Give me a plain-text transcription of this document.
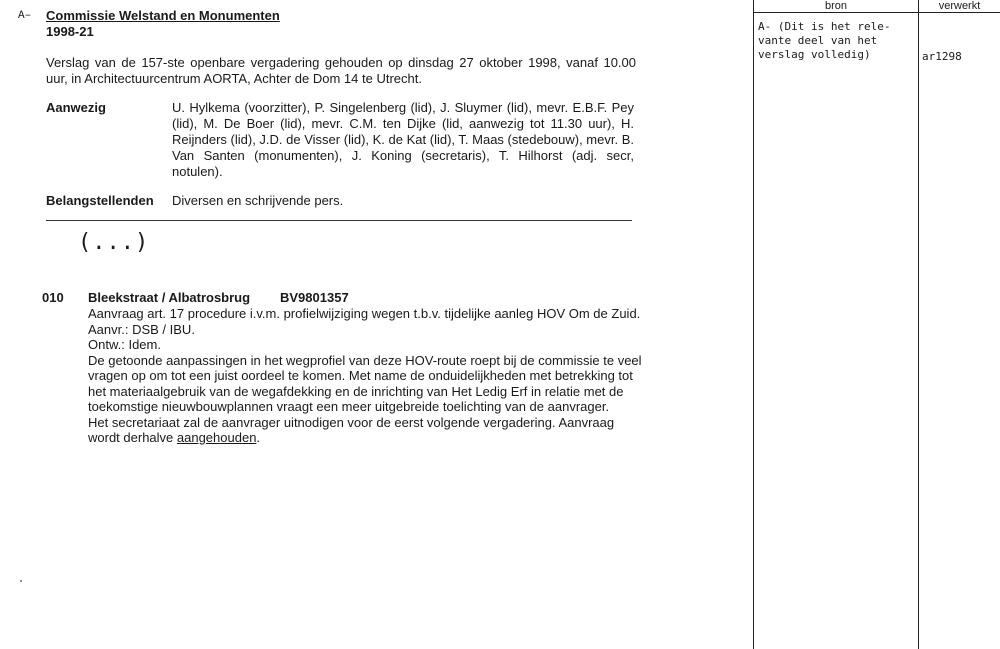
A– Commissie Welstand en Monumenten
1998-21
Verslag van de 157-ste openbare vergadering gehouden op dinsdag 27 oktober 1998, vanaf 10.00 uur, in Architectuurcentrum AORTA, Achter de Dom 14 te Utrecht.
Aanwezig	U. Hylkema (voorzitter), P. Singelenberg (lid), J. Sluymer (lid), mevr. E.B.F. Pey (lid), M. De Boer (lid), mevr. C.M. ten Dijke (lid, aanwezig tot 11.30 uur), H. Reijnders (lid), J.D. de Visser (lid), K. de Kat (lid), T. Maas (stedebouw), mevr. B. Van Santen (monumenten), J. Koning (secretaris), T. Hilhorst (adj. secr, notulen).
Belangstellenden Diversen en schrijvende pers.
(...)
010 Bleekstraat / Albatrosbrug BV9801357

Aanvraag art. 17 procedure i.v.m. profielwijziging wegen t.b.v. tijdelijke aanleg HOV Om de Zuid.

Aanvr.: DSB / IBU.

Ontw.: Idem.

De getoonde aanpassingen in het wegprofiel van deze HOV-route roept bij de commissie te veel vragen op om tot een juist oordeel te komen. Met name de onduidelijkheden met betrekking tot het materiaalgebruik van de wegafdekking en de inrichting van Het Ledig Erf in relatie met de toekomstige nieuwbouwplannen vraagt een meer uitgebreide toelichting van de aanvrager.

Het secretariaat zal de aanvrager uitnodigen voor de eerst volgende vergadering. Aanvraag wordt derhalve aangehouden.

bron	verwerkt
A- (Dit is het rele-
vante deel van het
verslag volledig)	ar1298
